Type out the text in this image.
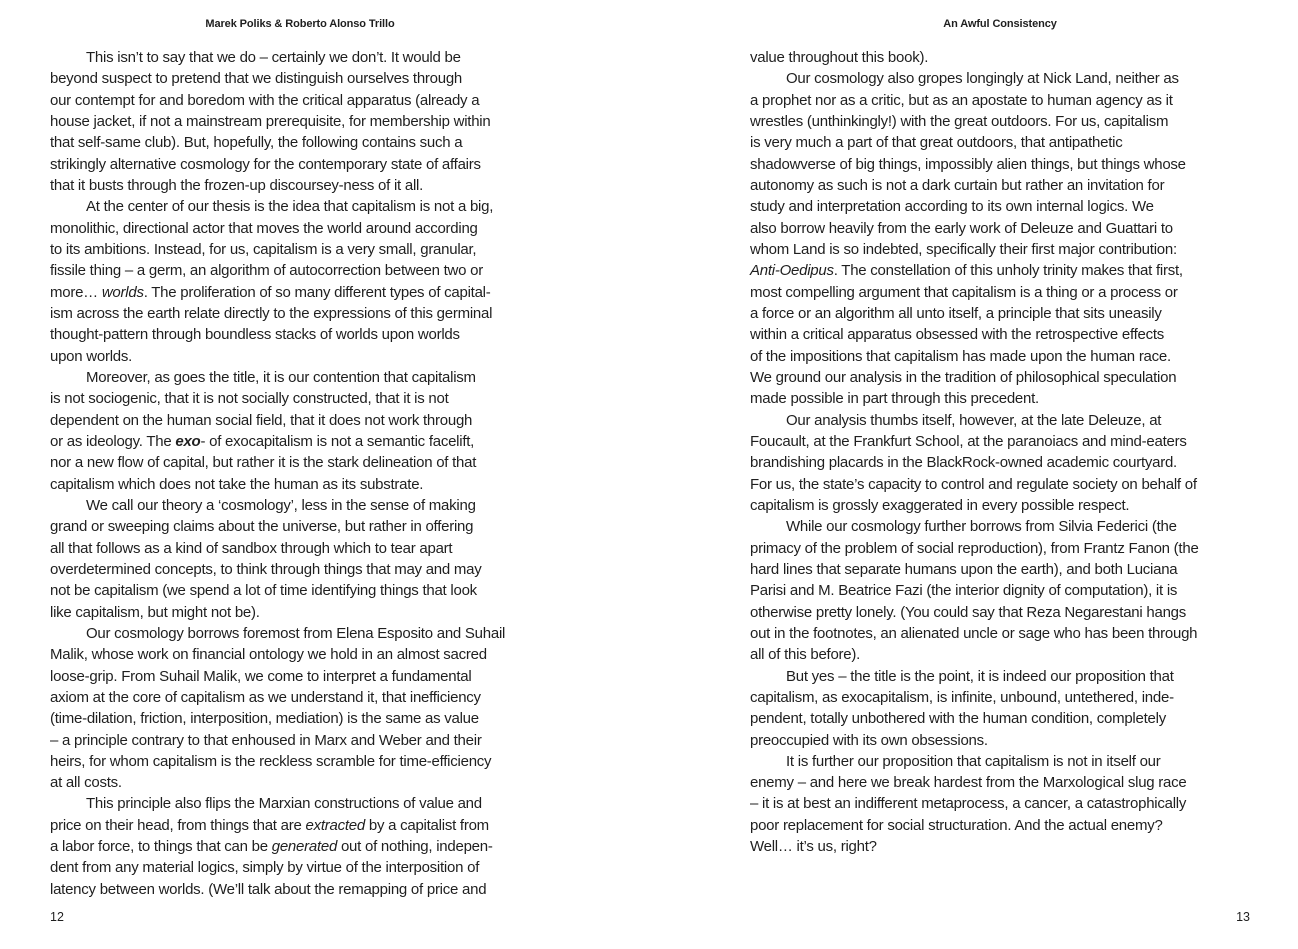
Marek Poliks & Roberto Alonso Trillo	An Awful Consistency
This isn’t to say that we do – certainly we don’t. It would be
beyond suspect to pretend that we distinguish ourselves through
our contempt for and boredom with the critical apparatus (already a
house jacket, if not a mainstream prerequisite, for membership within
that self-same club). But, hopefully, the following contains such a
strikingly alternative cosmology for the contemporary state of affairs
that it busts through the frozen-up discoursey-ness of it all.
At the center of our thesis is the idea that capitalism is not a big,
monolithic, directional actor that moves the world around according
to its ambitions. Instead, for us, capitalism is a very small, granular,
fissile thing – a germ, an algorithm of autocorrection between two or
more… worlds. The proliferation of so many different types of capital-
ism across the earth relate directly to the expressions of this germinal
thought-pattern through boundless stacks of worlds upon worlds
upon worlds.
Moreover, as goes the title, it is our contention that capitalism
is not sociogenic, that it is not socially constructed, that it is not
dependent on the human social field, that it does not work through
or as ideology. The exo- of exocapitalism is not a semantic facelift,
nor a new flow of capital, but rather it is the stark delineation of that
capitalism which does not take the human as its substrate.
We call our theory a ‘cosmology’, less in the sense of making
grand or sweeping claims about the universe, but rather in offering
all that follows as a kind of sandbox through which to tear apart
overdetermined concepts, to think through things that may and may
not be capitalism (we spend a lot of time identifying things that look
like capitalism, but might not be).
Our cosmology borrows foremost from Elena Esposito and Suhail
Malik, whose work on financial ontology we hold in an almost sacred
loose-grip. From Suhail Malik, we come to interpret a fundamental
axiom at the core of capitalism as we understand it, that inefficiency
(time-dilation, friction, interposition, mediation) is the same as value
– a principle contrary to that enhoused in Marx and Weber and their
heirs, for whom capitalism is the reckless scramble for time-efficiency
at all costs.
This principle also flips the Marxian constructions of value and
price on their head, from things that are extracted by a capitalist from
a labor force, to things that can be generated out of nothing, indepen-
dent from any material logics, simply by virtue of the interposition of
latency between worlds. (We’ll talk about the remapping of price and
value throughout this book).
Our cosmology also gropes longingly at Nick Land, neither as
a prophet nor as a critic, but as an apostate to human agency as it
wrestles (unthinkingly!) with the great outdoors. For us, capitalism
is very much a part of that great outdoors, that antipathetic
shadowverse of big things, impossibly alien things, but things whose
autonomy as such is not a dark curtain but rather an invitation for
study and interpretation according to its own internal logics. We
also borrow heavily from the early work of Deleuze and Guattari to
whom Land is so indebted, specifically their first major contribution:
Anti-Oedipus. The constellation of this unholy trinity makes that first,
most compelling argument that capitalism is a thing or a process or
a force or an algorithm all unto itself, a principle that sits uneasily
within a critical apparatus obsessed with the retrospective effects
of the impositions that capitalism has made upon the human race.
We ground our analysis in the tradition of philosophical speculation
made possible in part through this precedent.
Our analysis thumbs itself, however, at the late Deleuze, at
Foucault, at the Frankfurt School, at the paranoiacs and mind-eaters
brandishing placards in the BlackRock-owned academic courtyard.
For us, the state’s capacity to control and regulate society on behalf of
capitalism is grossly exaggerated in every possible respect.
While our cosmology further borrows from Silvia Federici (the
primacy of the problem of social reproduction), from Frantz Fanon (the
hard lines that separate humans upon the earth), and both Luciana
Parisi and M. Beatrice Fazi (the interior dignity of computation), it is
otherwise pretty lonely. (You could say that Reza Negarestani hangs
out in the footnotes, an alienated uncle or sage who has been through
all of this before).
But yes – the title is the point, it is indeed our proposition that
capitalism, as exocapitalism, is infinite, unbound, untethered, inde-
pendent, totally unbothered with the human condition, completely
preoccupied with its own obsessions.
It is further our proposition that capitalism is not in itself our
enemy – and here we break hardest from the Marxological slug race
– it is at best an indifferent metaprocess, a cancer, a catastrophically
poor replacement for social structuration. And the actual enemy?
Well… it’s us, right?
12	13
